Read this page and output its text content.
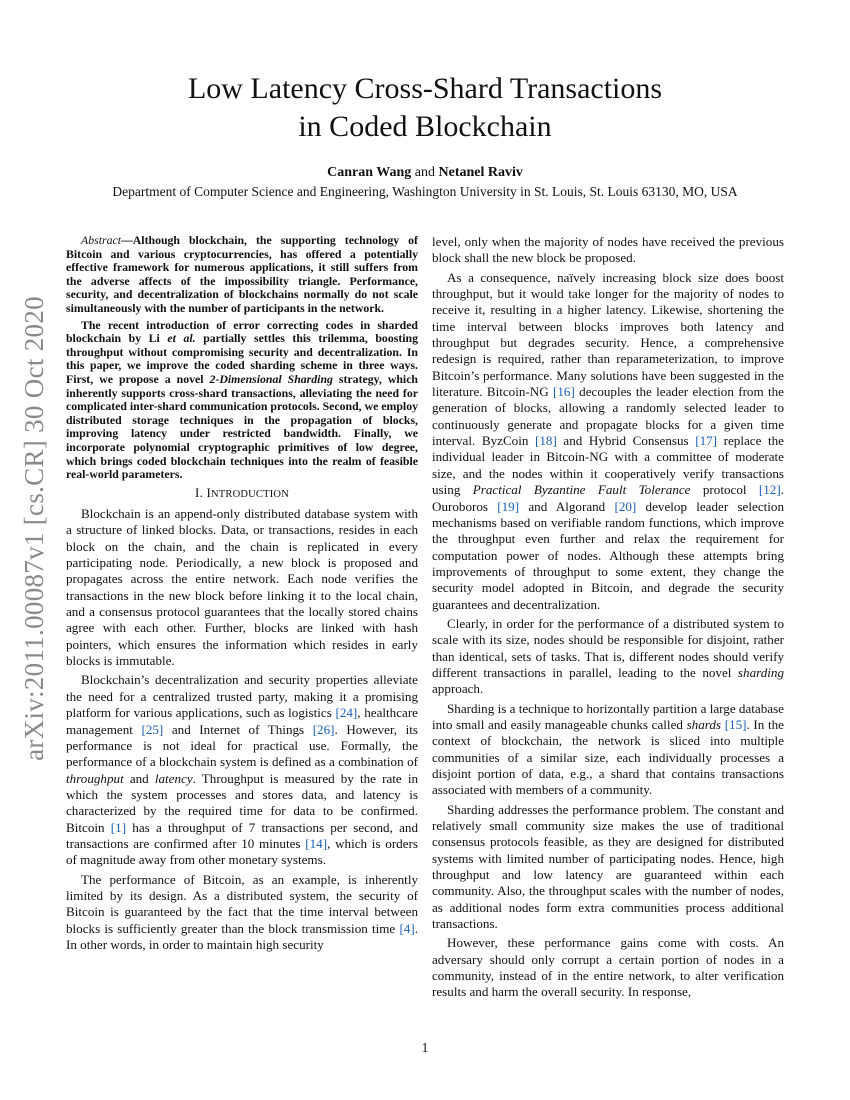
arXiv:2011.00087v1 [cs.CR] 30 Oct 2020
Low Latency Cross-Shard Transactions
in Coded Blockchain
Canran Wang and Netanel Raviv
Department of Computer Science and Engineering, Washington University in St. Louis, St. Louis 63130, MO, USA

Abstract—Although blockchain, the supporting technology of Bitcoin and various cryptocurrencies, has offered a potentially effective framework for numerous applications, it still suffers from the adverse affects of the impossibility triangle. Performance, security, and decentralization of blockchains normally do not scale simultaneously with the number of participants in the network.

The recent introduction of error correcting codes in sharded blockchain by Li et al. partially settles this trilemma, boosting throughput without compromising security and decentralization. In this paper, we improve the coded sharding scheme in three ways. First, we propose a novel 2-Dimensional Sharding strategy, which inherently supports cross-shard transactions, alleviating the need for complicated inter-shard communication protocols. Second, we employ distributed storage techniques in the propagation of blocks, improving latency under restricted bandwidth. Finally, we incorporate polynomial cryptographic primitives of low degree, which brings coded blockchain techniques into the realm of feasible real-world parameters.

I. INTRODUCTION

Blockchain is an append-only distributed database system with a structure of linked blocks. Data, or transactions, resides in each block on the chain, and the chain is replicated in every participating node. Periodically, a new block is proposed and propagates across the entire network. Each node verifies the transactions in the new block before linking it to the local chain, and a consensus protocol guarantees that the locally stored chains agree with each other. Further, blocks are linked with hash pointers, which ensures the information which resides in early blocks is immutable.

Blockchain’s decentralization and security properties alleviate the need for a centralized trusted party, making it a promising platform for various applications, such as logistics [24], healthcare management [25] and Internet of Things [26]. However, its performance is not ideal for practical use. Formally, the performance of a blockchain system is defined as a combination of throughput and latency. Throughput is measured by the rate in which the system processes and stores data, and latency is characterized by the required time for data to be confirmed. Bitcoin [1] has a throughput of 7 transactions per second, and transactions are confirmed after 10 minutes [14], which is orders of magnitude away from other monetary systems.

The performance of Bitcoin, as an example, is inherently limited by its design. As a distributed system, the security of Bitcoin is guaranteed by the fact that the time interval between blocks is sufficiently greater than the block transmission time [4]. In other words, in order to maintain high security

level, only when the majority of nodes have received the previous block shall the new block be proposed.

As a consequence, naïvely increasing block size does boost throughput, but it would take longer for the majority of nodes to receive it, resulting in a higher latency. Likewise, shortening the time interval between blocks improves both latency and throughput but degrades security. Hence, a comprehensive redesign is required, rather than reparameterization, to improve Bitcoin’s performance. Many solutions have been suggested in the literature. Bitcoin-NG [16] decouples the leader election from the generation of blocks, allowing a randomly selected leader to continuously generate and propagate blocks for a given time interval. ByzCoin [18] and Hybrid Consensus [17] replace the individual leader in Bitcoin-NG with a committee of moderate size, and the nodes within it cooperatively verify transactions using Practical Byzantine Fault Tolerance protocol [12]. Ouroboros [19] and Algorand [20] develop leader selection mechanisms based on verifiable random functions, which improve the throughput even further and relax the requirement for computation power of nodes. Although these attempts bring improvements of throughput to some extent, they change the security model adopted in Bitcoin, and degrade the security guarantees and decentralization.

Clearly, in order for the performance of a distributed system to scale with its size, nodes should be responsible for disjoint, rather than identical, sets of tasks. That is, different nodes should verify different transactions in parallel, leading to the novel sharding approach.

Sharding is a technique to horizontally partition a large database into small and easily manageable chunks called shards [15]. In the context of blockchain, the network is sliced into multiple communities of a similar size, each individually processes a disjoint portion of data, e.g., a shard that contains transactions associated with members of a community.

Sharding addresses the performance problem. The constant and relatively small community size makes the use of traditional consensus protocols feasible, as they are designed for distributed systems with limited number of participating nodes. Hence, high throughput and low latency are guaranteed within each community. Also, the throughput scales with the number of nodes, as additional nodes form extra communities process additional transactions.

However, these performance gains come with costs. An adversary should only corrupt a certain portion of nodes in a community, instead of in the entire network, to alter verification results and harm the overall security. In response,

1
